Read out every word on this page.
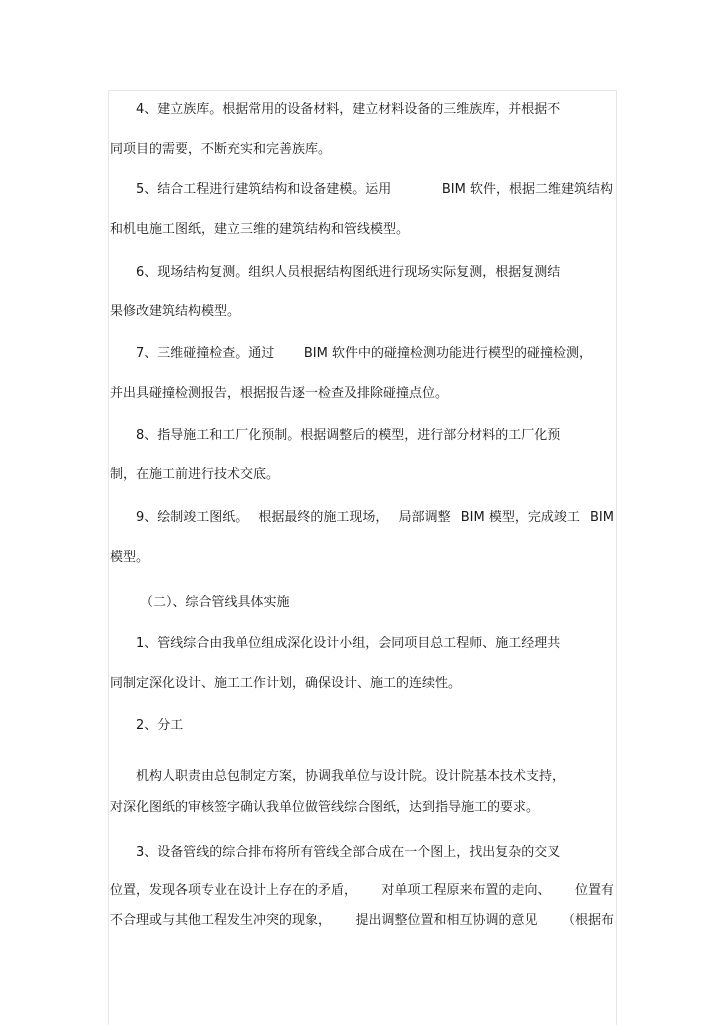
4、建立族库。根据常用的设备材料，建立材料设备的三维族库，并根据不
同项目的需要，不断充实和完善族库。
5、结合工程进行建筑结构和设备建模。运用	BIM 软件，根据二维建筑结构
和机电施工图纸，建立三维的建筑结构和管线模型。
6、现场结构复测。组织人员根据结构图纸进行现场实际复测，根据复测结
果修改建筑结构模型。
7、三维碰撞检查。通过 BIM 软件中的碰撞检测功能进行模型的碰撞检测，
并出具碰撞检测报告，根据报告逐一检查及排除碰撞点位。
8、指导施工和工厂化预制。根据调整后的模型，进行部分材料的工厂化预
制，在施工前进行技术交底。
9、绘制竣工图纸。 根据最终的施工现场， 局部调整 BIM 模型，完成竣工 BIM
模型。
（二）、综合管线具体实施
1、管线综合由我单位组成深化设计小组，会同项目总工程师、施工经理共
同制定深化设计、施工工作计划，确保设计、施工的连续性。
2、分工
机构人职责由总包制定方案，协调我单位与设计院。设计院基本技术支持，
对深化图纸的审核签字确认我单位做管线综合图纸，达到指导施工的要求。
3、设备管线的综合排布将所有管线全部合成在一个图上，找出复杂的交叉
位置，发现各项专业在设计上存在的矛盾， 对单项工程原来布置的走向、 位置有
不合理或与其他工程发生冲突的现象， 提出调整位置和相互协调的意见 （根据布
